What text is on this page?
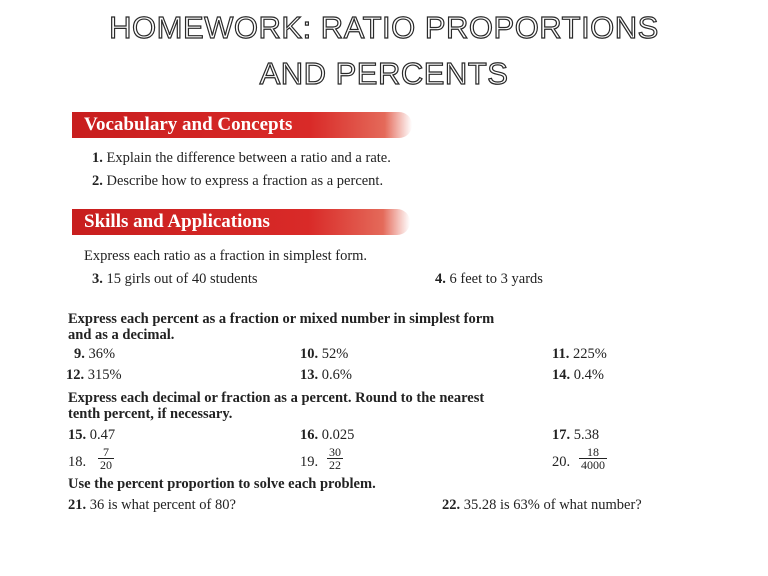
HOMEWORK: RATIO PROPORTIONS
AND PERCENTS
Vocabulary and Concepts
1. Explain the difference between a ratio and a rate.
2. Describe how to express a fraction as a percent.
Skills and Applications
Express each ratio as a fraction in simplest form.
3. 15 girls out of 40 students	4. 6 feet to 3 yards
Express each percent as a fraction or mixed number in simplest form
and as a decimal.
9. 36%	10. 52%	11. 225%
12. 315%	13. 0.6%	14. 0.4%
Express each decimal or fraction as a percent. Round to the nearest
tenth percent, if necessary.
15. 0.47	16. 0.025	17. 5.38
18. $\frac{7}{20}$	19. $\frac{30}{22}$	20. $\frac{18}{4000}$
Use the percent proportion to solve each problem.
21. 36 is what percent of 80?	22. 35.28 is 63% of what number?
